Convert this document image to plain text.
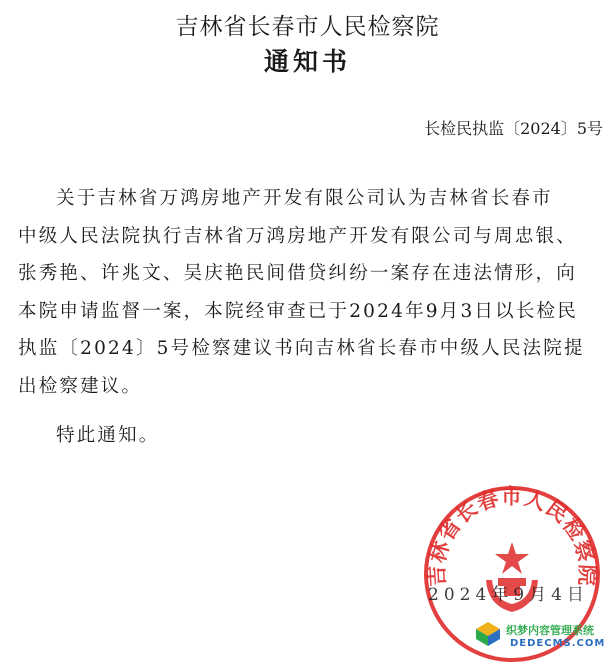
吉林省长春市人民检察院
通知书
长检民执监〔2024〕5号
关于吉林省万鸿房地产开发有限公司认为吉林省长春市
中级人民法院执行吉林省万鸿房地产开发有限公司与周忠银、
张秀艳、许兆文、吴庆艳民间借贷纠纷一案存在违法情形，向
本院申请监督一案，本院经审查已于2024年9月3日以长检民
执监〔2024〕5号检察建议书向吉林省长春市中级人民法院提
出检察建议。
特此通知。
吉林省长春市人民检察院
2024年9月4日
织梦内容管理系统
DEDECMS.COM
